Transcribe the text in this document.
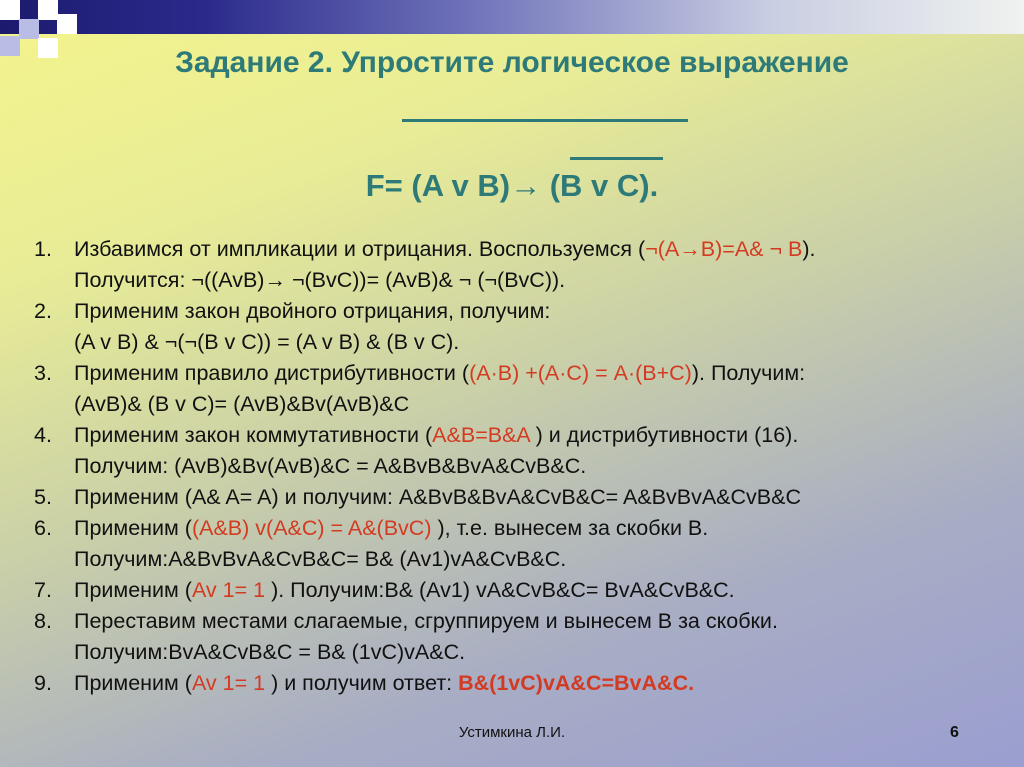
Задание 2. Упростите логическое выражение
F= (A v B)→ (B v C).
1. Избавимся от импликации и отрицания. Воспользуемся (¬(A→B)=A& ¬ B).
Получится: ¬((AvB)→ ¬(BvC))= (AvB)& ¬ (¬(BvC)).
2. Применим закон двойного отрицания, получим:
(A v B) & ¬(¬(B v C)) = (A v B) & (B v C).
3. Применим правило дистрибутивности ((A·B) +(A·C) = A·(B+C)). Получим:
(AvB)& (B v C)= (AvB)&Bv(AvB)&C
4. Применим закон коммутативности (A&B=B&A ) и дистрибутивности (16).
Получим: (AvB)&Bv(AvB)&C = A&BvB&BvA&CvB&C.
5. Применим (A& A= A) и получим: A&BvB&BvA&CvB&C= A&BvBvA&CvB&C
6. Применим ((A&B) v(A&C) = A&(BvC) ), т.е. вынесем за скобки B.
Получим:A&BvBvA&CvB&C= B& (Av1)vA&CvB&C.
7. Применим (Av 1= 1 ). Получим:B& (Av1) vA&CvB&C= BvA&CvB&C.
8. Переставим местами слагаемые, сгруппируем и вынесем B за скобки.
Получим:BvA&CvB&C = B& (1vC)vA&C.
9. Применим (Av 1= 1 ) и получим ответ: B&(1vC)vA&C=BvA&C.
Устимкина Л.И.	6
